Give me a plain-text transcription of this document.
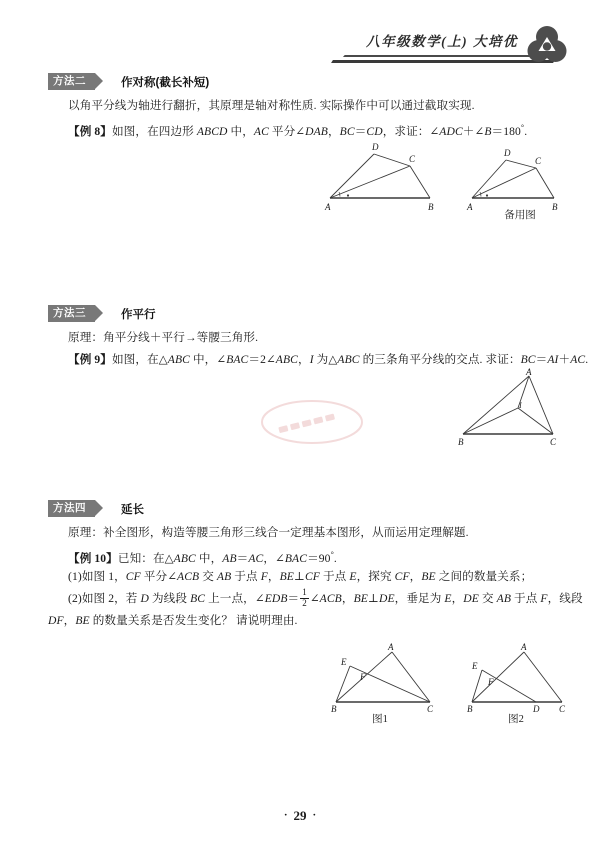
八年级数学(上) 大培优
方法二	作对称(截长补短)
以角平分线为轴进行翻折，其原理是轴对称性质. 实际操作中可以通过截取实现.
【例 8】如图，在四边形 ABCD 中，AC 平分∠DAB，BC＝CD，求证：∠ADC＋∠B＝180°.
D
C
A	B
D
C
A	B
备用图
方法三	作平行
原理：角平分线＋平行→等腰三角形.
【例 9】如图，在△ABC 中，∠BAC＝2∠ABC，I 为△ABC 的三条角平分线的交点. 求证：BC＝AI＋AC.
A
I
B	C
方法四	延长
原理：补全图形，构造等腰三角形三线合一定理基本图形，从而运用定理解题.
【例 10】已知：在△ABC 中，AB＝AC，∠BAC＝90°.
(1)如图 1，CF 平分∠ACB 交 AB 于点 F，BE⊥CF 于点 E，探究 CF，BE 之间的数量关系；
(2)如图 2，若 D 为线段 BC 上一点，∠EDB＝ $\frac{1}{2}$ ∠ACB，BE⊥DE，垂足为 E，DE 交 AB 于点 F，线段
DF，BE 的数量关系是否发生变化？ 请说明理由.
A
E
F
B	C
图1
A
E
F
B	D C
图2
· 29 ·
